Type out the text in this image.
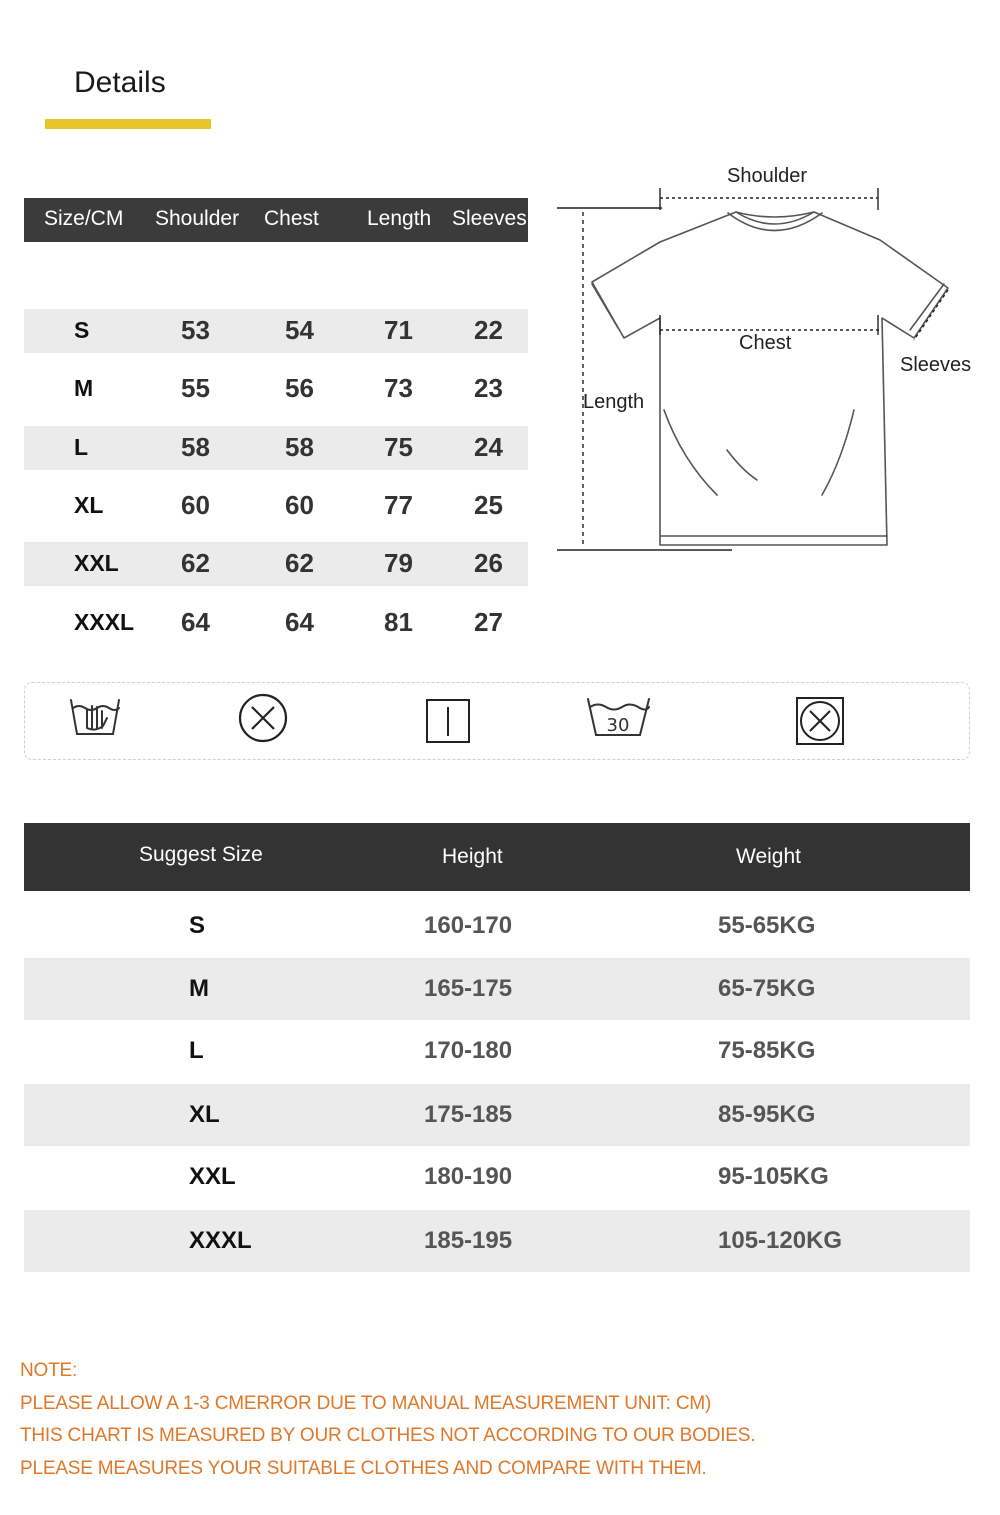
Details
Size/CM Shoulder Chest Length Sleeves
S	53	54	71 22
M	55	56	73 23
L	58	58	75 24
XL	60	60	77 25
XXL 62	62	79 26
XXXL 64	64	81 27
Shoulder
Chest
Length
Sleeves
30
Suggest Size	Height	Weight
S	160-170	55-65KG
M	165-175	65-75KG
L	170-180	75-85KG
XL	175-185	85-95KG
XXL	180-190	95-105KG
XXXL	185-195	105-120KG

NOTE:

PLEASE ALLOW A 1-3 CMERROR DUE TO MANUAL MEASUREMENT UNIT: CM)

THIS CHART IS MEASURED BY OUR CLOTHES NOT ACCORDING TO OUR BODIES.

PLEASE MEASURES YOUR SUITABLE CLOTHES AND COMPARE WITH THEM.
